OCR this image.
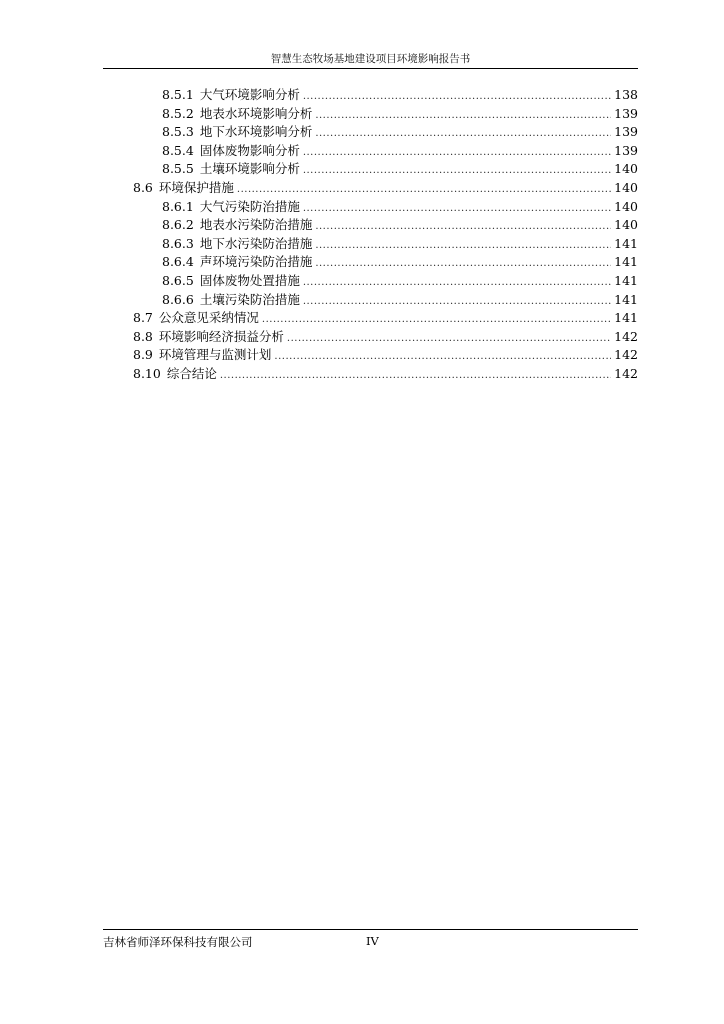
智慧生态牧场基地建设项目环境影响报告书
8.5.1 大气环境影响分析 .....	138
8.5.2 地表水环境影响分析 .....	139
8.5.3 地下水环境影响分析 .....	139
8.5.4 固体废物影响分析 .....	139
8.5.5 土壤环境影响分析 .....	140
8.6 环境保护措施 .....	140
8.6.1 大气污染防治措施 .....	140
8.6.2 地表水污染防治措施 .....	140
8.6.3 地下水污染防治措施 .....	141
8.6.4 声环境污染防治措施 .....	141
8.6.5 固体废物处置措施 .....	141
8.6.6 土壤污染防治措施 .....	141
8.7 公众意见采纳情况 .....	141
8.8 环境影响经济损益分析 .....	142
8.9 环境管理与监测计划 .....	142
8.10 综合结论 .....	142
吉林省师泽环保科技有限公司	IV
